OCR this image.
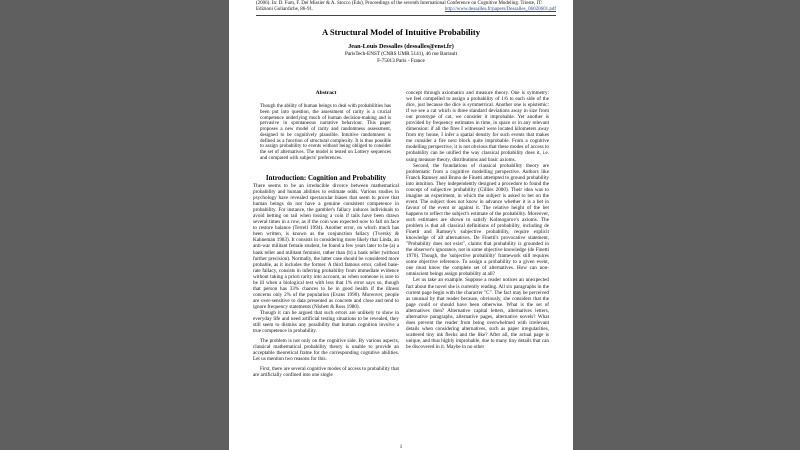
(2006). In: D. Fum, F. Del Missier & A. Stocco (Eds), Proceedings of the seventh International Conference on Cognitive Modeling. Trieste, IT: Edizioni Goliardiche, 86-91.	http://www.dessalles.fr/papers/Dessalles_06020601.pdf
A Structural Model of Intuitive Probability
Jean-Louis Dessalles (dessalles@enst.fr)
ParisTech-ENST (CNRS UMR 5141), 46 rue Barrault
F-75013 Paris - France
Abstract
Though the ability of human beings to deal with probabilities has been put into question, the assessment of rarity is a crucial competence underlying much of human decision-making and is pervasive in spontaneous narrative behaviour. This paper proposes a new model of rarity and randomness assessment, designed to be cognitively plausible. Intuitive randomness is defined as a function of structural complexity. It is thus possible to assign probability to events without being obliged to consider the set of alternatives. The model is tested on Lottery sequences and compared with subjects' preferences.
Introduction: Cognition and Probability

There seems to be an irreducible divorce between mathematical probability and human abilities to estimate odds. Various studies in psychology have revealed spectacular biases that seem to prove that human beings do not have a genuine consistent competence in probability. For instance, the gambler's fallacy induces individuals to avoid betting on tail when tossing a coin if tails have been drawn several times in a row, as if the coin was expected now to fall on face to restore balance (Terrell 1994). Another error, on which much has been written, is known as the conjunction fallacy (Tversky & Kahneman 1983). It consists in considering more likely that Linda, an anti-war militant female student, be found a few years later to be (a) a bank teller and militant feminist, rather than (b) a bank teller (without further precision). Normally, the latter case should be considered more probable, as it includes the former. A third famous error, called base-rate fallacy, consists in inferring probability from immediate evidence without taking a priori rarity into account, as when someone is sure to be ill when a biological test with less that 1% error says so, though that person has 33% chances to be in good health if the illness concerns only 2% of the population (Evans 1990). Moreover, people are over-sensitive to data presented as concrete and close and tend to ignore frequency statements (Nisbett & Ross 1980).

Though it can be argued that such errors are unlikely to show in everyday life and need artificial testing situations to be revealed, they still seem to dismiss any possibility that human cognition involve a true competence in probability.

The problem is not only on the cognitive side. By various aspects, classical mathematical probability theory is unable to provide an acceptable theoretical frame for the corresponding cognitive abilities. Let us mention two reasons for this.

First, there are several cognitive modes of access to probability that are artificially confined into one single

concept through axiomatics and measure theory. One is symmetry: we feel compelled to assign a probability of 1/6 to each side of the dice, just because the dice is symmetrical. Another one is epistemic: if we see a cat which is three standard deviations away in size from our prototype of cat, we consider it improbable. Yet another is provided by frequency estimates in time, in space or in any relevant dimension: if all the fires I witnessed were located kilometers away from my house, I infer a spatial density for such events that makes me consider a fire next block quite improbable. From a cognitive modelling perspective, it is not obvious that these modes of access to probability can be unified the way classical probability does it, i.e. using measure theory, distributions and basic axioms.

Second, the foundations of classical probability theory are problematic from a cognitive modelling perspective. Authors like Franck Ramsey and Bruno de Finetti attempted to ground probability into intuition. They independently designed a procedure to found the concept of subjective probability (Gillies 2000). Their idea was to imagine an experiment, in which the subject is asked to bet on the event. The subject does not know in advance whether it is a bet in favour of the event or against it. The relative height of the bet happens to reflect the subject's estimate of the probability. Moreover, such estimates are shown to satisfy Kolmogorov's axioms. The problem is that all classical definitions of probability, including de Finetti and Ramsey's subjective probability, require explicit knowledge of all alternatives. De Finetti's provocative statement, "Probability does not exist", claims that probability is grounded in the observer's ignorance, not in some objective knowledge (de Finetti 1970). Though, the 'subjective probability' framework still requires some objective reference. To assign a probability to a given event, one must know the complete set of alternatives. How can non-omniscient beings assign probability at all?

Let us take an example. Suppose a reader notices an unexpected fact about the novel she is currently reading. All six paragraphs in the current page begin with the character "C". The fact may be perceived as unusual by that reader because, obviously, she considers that the page could or should have been otherwise. What is the set of alternatives then? Alternative capital letters, alternatives letters, alternative paragraphs, alternative pages, alternative novels? What does prevent the reader from being overwhelmed with irrelevant details when considering alternatives, such as paper irregularities, scattered tiny ink flecks and the like? After all, the actual page is unique, and thus highly improbable, due to many tiny details that can be discovered in it. Maybe in no other

1
